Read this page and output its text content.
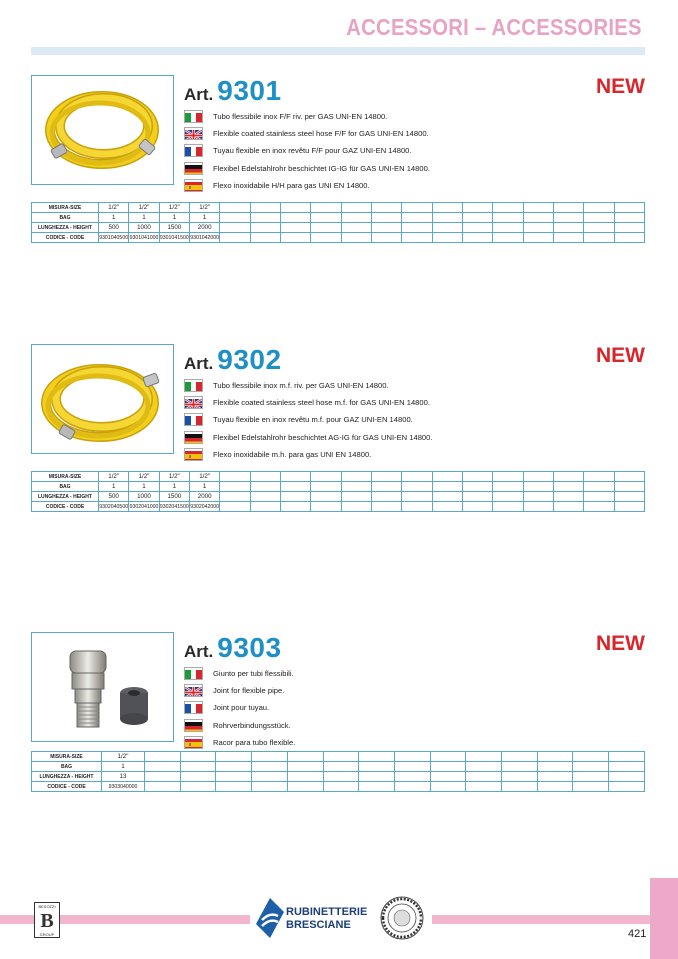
ACCESSORI – ACCESSORIES
Art. 9301	NEW
Tubo flessibile inox F/F riv. per GAS UNI-EN 14800.
Flexible coated stainless steel hose F/F for GAS UNI-EN 14800.
Tuyau flexible en inox revêtu F/F pour GAZ UNI-EN 14800.
Flexibel Edelstahlrohr beschichtet IG-IG für GAS UNI-EN 14800.
Flexo inoxidabile H/H para gas UNI EN 14800.
MISURA-SIZE	1/2"	1/2"	1/2"	1/2"														
BAG	1	1	1	1														
LUNGHEZZA - HEIGHT	500	1000	1500	2000														
CODICE - CODE	9301040500	9301041000	9301041500	9301042000														
Art. 9302	NEW
Tubo flessibile inox m.f. riv. per GAS UNI-EN 14800.
Flexible coated stainless steel hose m.f. for GAS UNI-EN 14800.
Tuyau flexible en inox revêtu m.f. pour GAZ UNI-EN 14800.
Flexibel Edelstahlrohr beschichtet AG-IG für GAS UNI-EN 14800.
Flexo inoxidabile m.h. para gas UNI EN 14800.
MISURA-SIZE	1/2"	1/2"	1/2"	1/2"														
BAG	1	1	1	1														
LUNGHEZZA - HEIGHT	500	1000	1500	2000														
CODICE - CODE	9302040500	9302041000	9302041500	9302042000														
Art. 9303	NEW
Giunto per tubi flessibili.
Joint for flexible pipe.
Joint pour tuyau.
Rohrverbindungsstück.
Racor para tubo flexible.
MISURA-SIZE	1/2"														
BAG	1														
LUNGHEZZA - HEIGHT	13														
CODICE - CODE	9303040000														
BESOZZI
B
GROUP
RUBINETTERIE
BRESCIANE
421
